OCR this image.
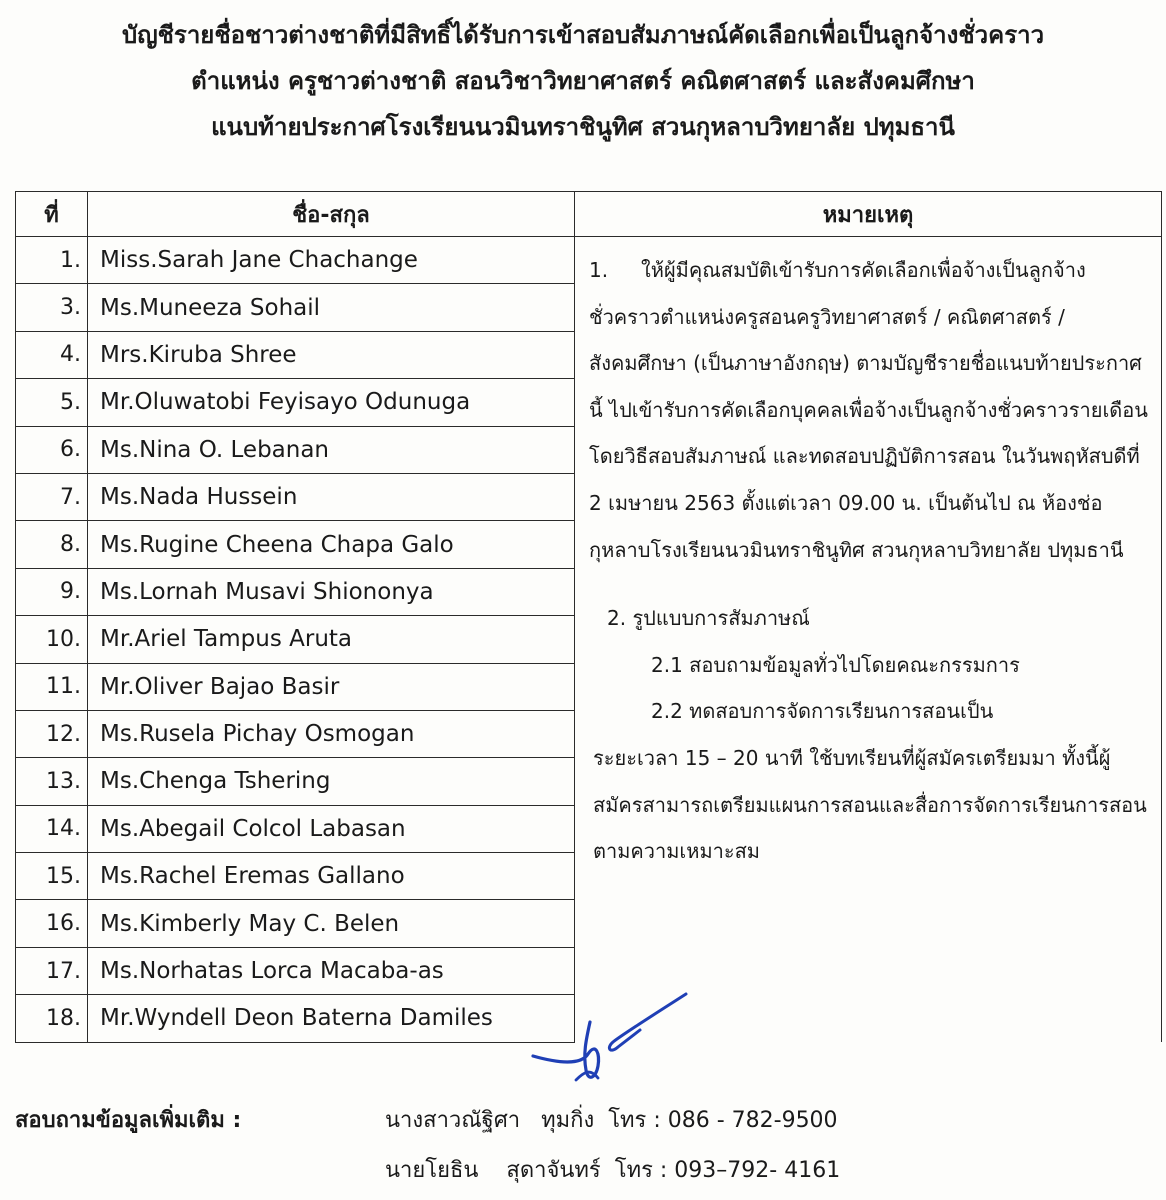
บัญชีรายชื่อชาวต่างชาติที่มีสิทธิ์ได้รับการเข้าสอบสัมภาษณ์คัดเลือกเพื่อเป็นลูกจ้างชั่วคราว
ตำแหน่ง ครูชาวต่างชาติ สอนวิชาวิทยาศาสตร์ คณิตศาสตร์ และสังคมศึกษา
แนบท้ายประกาศโรงเรียนนวมินทราชินูทิศ สวนกุหลาบวิทยาลัย ปทุมธานี
ที่	ชื่อ-สกุล	หมายเหตุ
1.	Miss.Sarah Jane Chachange	1. ให้ผู้มีคุณสมบัติเข้ารับการคัดเลือกเพื่อจ้างเป็นลูกจ้างชั่วคราวตำแหน่งครูสอนครูวิทยาศาสตร์ / คณิตศาสตร์ / สังคมศึกษา (เป็นภาษาอังกฤษ) ตามบัญชีรายชื่อแนบท้ายประกาศนี้ ไปเข้ารับการคัดเลือกบุคคลเพื่อจ้างเป็นลูกจ้างชั่วคราวรายเดือน โดยวิธีสอบสัมภาษณ์ และทดสอบปฏิบัติการสอน ในวันพฤหัสบดีที่ 2 เมษายน 2563 ตั้งแต่เวลา 09.00 น. เป็นต้นไป ณ ห้องช่อกุหลาบโรงเรียนนวมินทราชินูทิศ สวนกุหลาบวิทยาลัย ปทุมธานี
2. รูปแบบการสัมภาษณ์
2.1 สอบถามข้อมูลทั่วไปโดยคณะกรรมการ
2.2 ทดสอบการจัดการเรียนการสอนเป็น
ระยะเวลา 15 – 20 นาที ใช้บทเรียนที่ผู้สมัครเตรียมมา ทั้งนี้ผู้สมัครสามารถเตรียมแผนการสอนและสื่อการจัดการเรียนการสอนตามความเหมาะสม

3.	Ms.Muneeza Sohail	
4.	Mrs.Kiruba Shree	
5.	Mr.Oluwatobi Feyisayo Odunuga	
6.	Ms.Nina O. Lebanan	
7.	Ms.Nada Hussein	
8.	Ms.Rugine Cheena Chapa Galo	
9.	Ms.Lornah Musavi Shiononya	
10.	Mr.Ariel Tampus Aruta	
11.	Mr.Oliver Bajao Basir	
12.	Ms.Rusela Pichay Osmogan	
13.	Ms.Chenga Tshering	
14.	Ms.Abegail Colcol Labasan	
15.	Ms.Rachel Eremas Gallano	
16.	Ms.Kimberly May C. Belen	
17.	Ms.Norhatas Lorca Macaba-as	
18.	Mr.Wyndell Deon Baterna Damiles	
สอบถามข้อมูลเพิ่มเติม :	นางสาวณัฐิศา   ทุมกิ่ง โทร : 086 - 782-9500
นายโยธิน    สุดาจันทร์ โทร : 093–792- 4161
